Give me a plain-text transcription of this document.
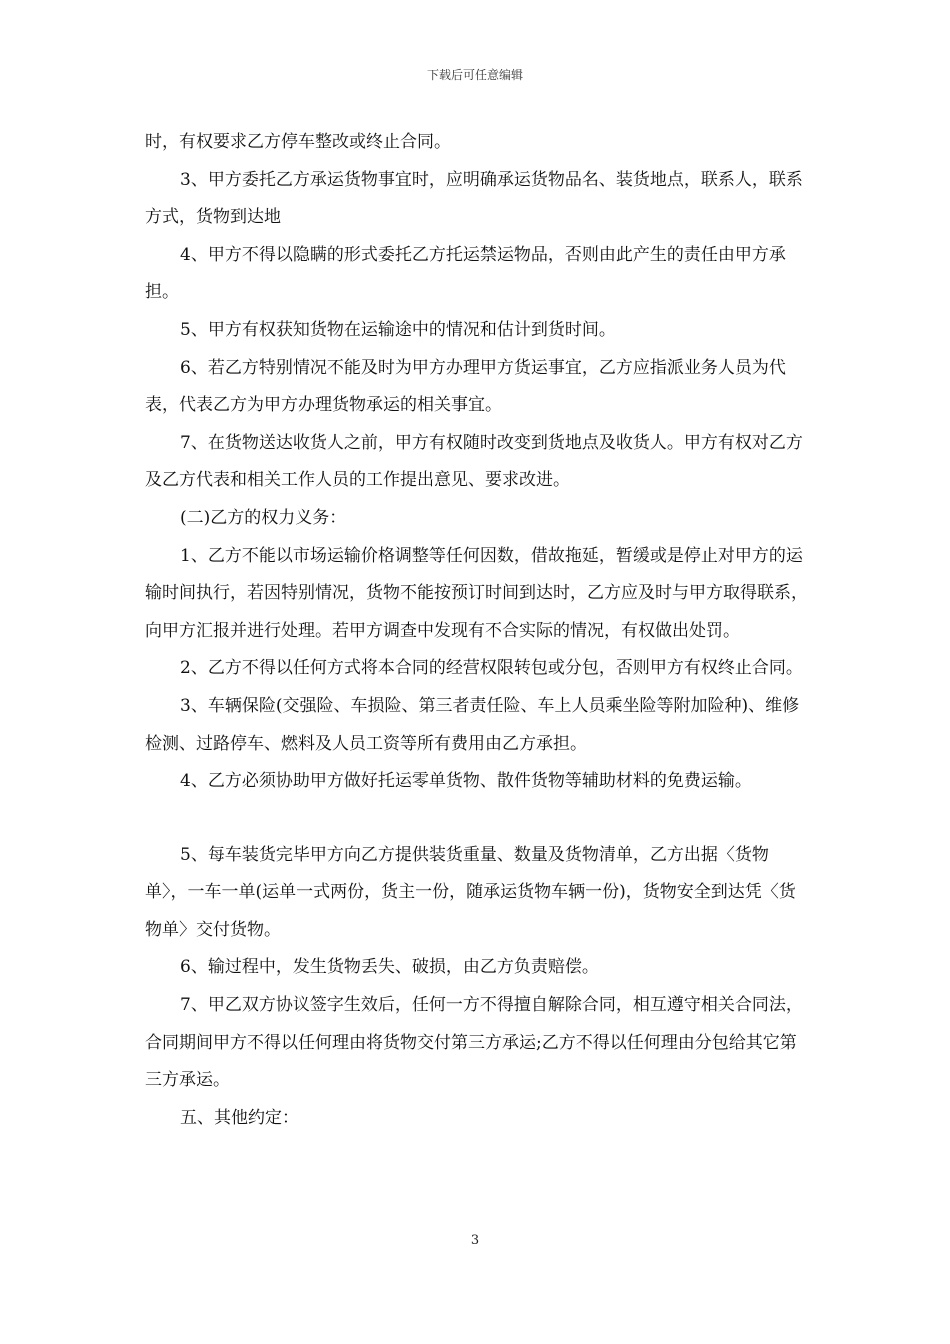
下载后可任意编辑

时，有权要求乙方停车整改或终止合同。

3、甲方委托乙方承运货物事宜时，应明确承运货物品名、装货地点，联系人，联系方式，货物到达地

4、甲方不得以隐瞒的形式委托乙方托运禁运物品，否则由此产生的责任由甲方承担。

5、甲方有权获知货物在运输途中的情况和估计到货时间。

6、若乙方特别情况不能及时为甲方办理甲方货运事宜，乙方应指派业务人员为代表，代表乙方为甲方办理货物承运的相关事宜。

7、在货物送达收货人之前，甲方有权随时改变到货地点及收货人。甲方有权对乙方及乙方代表和相关工作人员的工作提出意见、要求改进。

(二)乙方的权力义务：

1、乙方不能以市场运输价格调整等任何因数，借故拖延，暂缓或是停止对甲方的运输时间执行，若因特别情况，货物不能按预订时间到达时，乙方应及时与甲方取得联系，向甲方汇报并进行处理。若甲方调查中发现有不合实际的情况，有权做出处罚。

2、乙方不得以任何方式将本合同的经营权限转包或分包，否则甲方有权终止合同。

3、车辆保险(交强险、车损险、第三者责任险、车上人员乘坐险等附加险种)、维修检测、过路停车、燃料及人员工资等所有费用由乙方承担。

4、乙方必须协助甲方做好托运零单货物、散件货物等辅助材料的免费运输。

5、每车装货完毕甲方向乙方提供装货重量、数量及货物清单，乙方出据〈货物单〉，一车一单(运单一式两份，货主一份，随承运货物车辆一份)，货物安全到达凭〈货物单〉交付货物。

6、输过程中，发生货物丢失、破损，由乙方负责赔偿。

7、甲乙双方协议签字生效后，任何一方不得擅自解除合同，相互遵守相关合同法，合同期间甲方不得以任何理由将货物交付第三方承运;乙方不得以任何理由分包给其它第三方承运。

五、其他约定：

3
